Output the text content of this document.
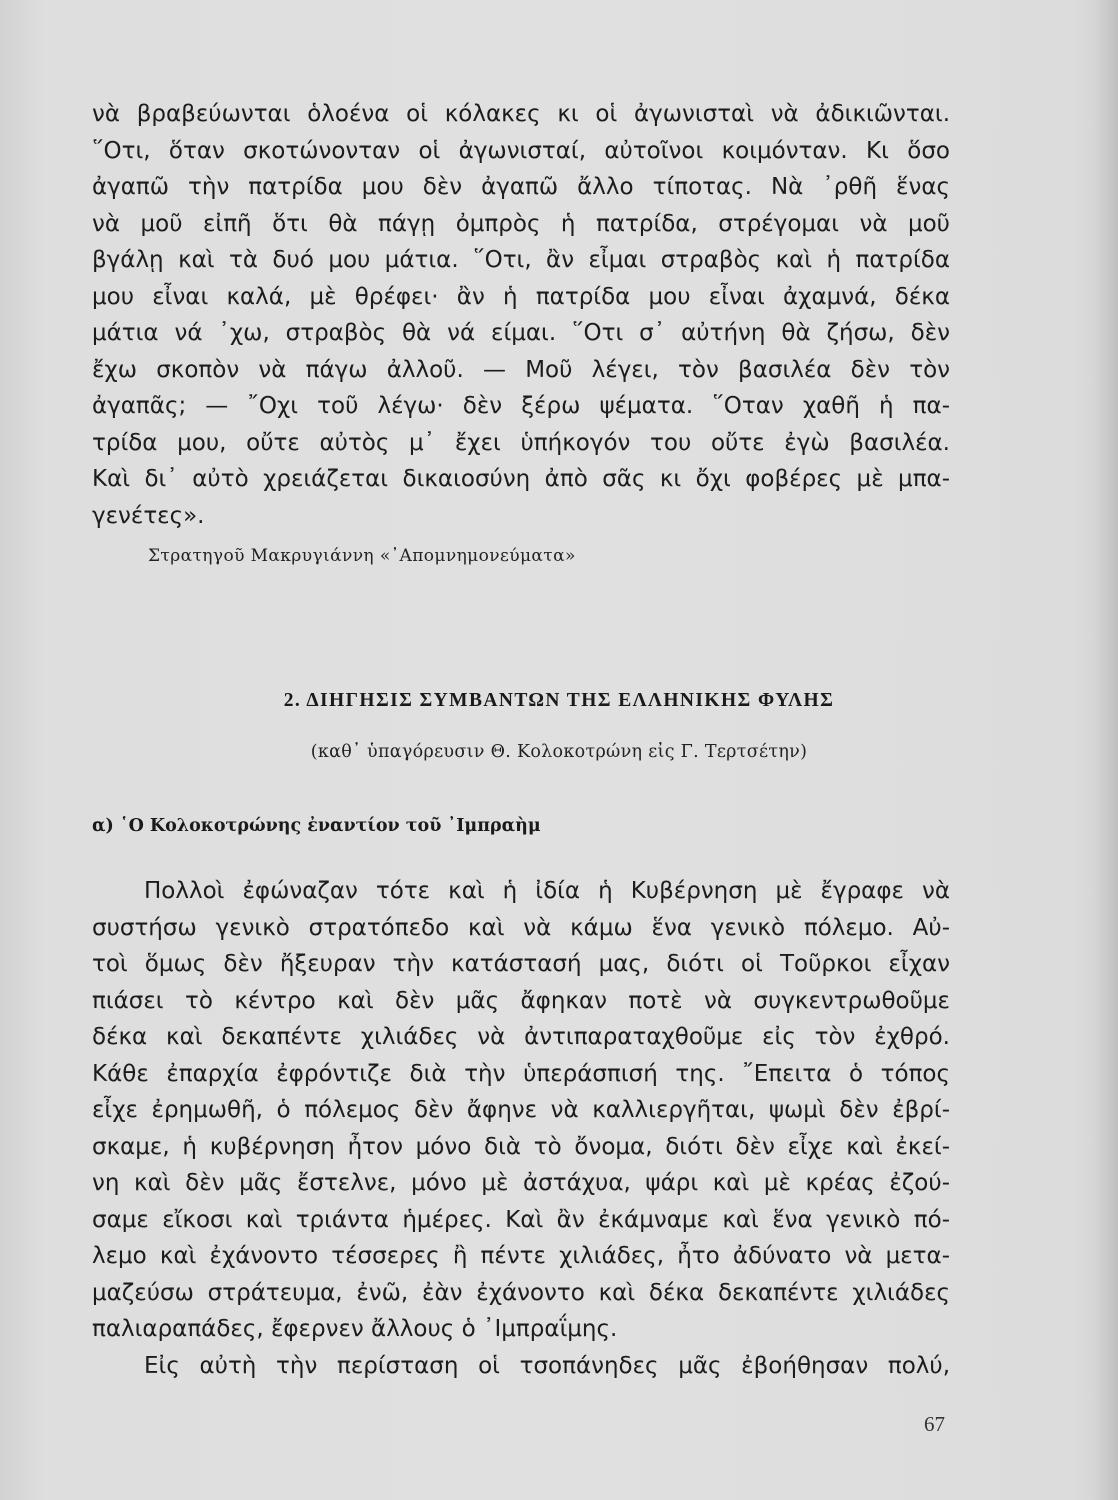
νὰ βραβεύωνται ὁλοένα οἱ κόλακες κι οἱ ἀγωνισταὶ νὰ ἀδικιῶνται.
῞Οτι, ὅταν σκοτώνονταν οἱ ἀγωνισταί, αὐτοῖνοι κοιμόνταν. Κι ὅσο
ἀγαπῶ τὴν πατρίδα μου δὲν ἀγαπῶ ἄλλο τίποτας. Νὰ ᾽ρθῆ ἕνας
νὰ μοῦ εἰπῆ ὅτι θὰ πάγῃ ὀμπρὸς ἡ πατρίδα, στρέγομαι νὰ μοῦ
βγάλῃ καὶ τὰ δυό μου μάτια. ῞Οτι, ἂν εἶμαι στραβὸς καὶ ἡ πατρίδα
μου εἶναι καλά, μὲ θρέφει· ἂν ἡ πατρίδα μου εἶναι ἀχαμνά, δέκα
μάτια νά ᾽χω, στραβὸς θὰ νά είμαι. ῞Οτι σ᾽ αὐτήνη θὰ ζήσω, δὲν
ἔχω σκοπὸν νὰ πάγω ἀλλοῦ. — Μοῦ λέγει, τὸν βασιλέα δὲν τὸν
ἀγαπᾶς; — ῎Οχι τοῦ λέγω· δὲν ξέρω ψέματα. ῞Οταν χαθῆ ἡ πα-
τρίδα μου, οὔτε αὐτὸς μ᾽ ἔχει ὑπήκογόν του οὔτε ἐγὼ βασιλέα.
Καὶ δι᾽ αὐτὸ χρειάζεται δικαιοσύνη ἀπὸ σᾶς κι ὄχι φοβέρες μὲ μπα-
γενέτες».
Στρατηγοῦ Μακρυγιάννη «᾽Απομνημονεύματα»
2. ΔΙΗΓΗΣΙΣ ΣΥΜΒΑΝΤΩΝ ΤΗΣ ΕΛΛΗΝΙΚΗΣ ΦΥΛΗΣ
(καθ᾽ ὑπαγόρευσιν Θ. Κολοκοτρώνη εἰς Γ. Τερτσέτην)
α) ῾Ο Κολοκοτρώνης ἐναντίον τοῦ ᾽Ιμπραὴμ
Πολλοὶ ἐφώναζαν τότε καὶ ἡ ἰδία ἡ Κυβέρνηση μὲ ἔγραφε νὰ
συστήσω γενικὸ στρατόπεδο καὶ νὰ κάμω ἕνα γενικὸ πόλεμο. Αὐ-
τοὶ ὅμως δὲν ἤξευραν τὴν κατάστασή μας, διότι οἱ Τοῦρκοι εἶχαν
πιάσει τὸ κέντρο καὶ δὲν μᾶς ἄφηκαν ποτὲ νὰ συγκεντρωθοῦμε
δέκα καὶ δεκαπέντε χιλιάδες νὰ ἀντιπαραταχθοῦμε εἰς τὸν ἐχθρό.
Κάθε ἐπαρχία ἐφρόντιζε διὰ τὴν ὑπεράσπισή της. ῎Επειτα ὁ τόπος
εἶχε ἐρημωθῆ, ὁ πόλεμος δὲν ἄφηνε νὰ καλλιεργῆται, ψωμὶ δὲν ἐβρί-
σκαμε, ἡ κυβέρνηση ἦτον μόνο διὰ τὸ ὄνομα, διότι δὲν εἶχε καὶ ἐκεί-
νη καὶ δὲν μᾶς ἔστελνε, μόνο μὲ ἀστάχυα, ψάρι καὶ μὲ κρέας ἐζού-
σαμε εἴκοσι καὶ τριάντα ἡμέρες. Καὶ ἂν ἐκάμναμε καὶ ἕνα γενικὸ πό-
λεμο καὶ ἐχάνοντο τέσσερες ἢ πέντε χιλιάδες, ἦτο ἀδύνατο νὰ μετα-
μαζεύσω στράτευμα, ἐνῶ, ἐὰν ἐχάνοντο καὶ δέκα δεκαπέντε χιλιάδες
παλιαραπάδες, ἔφερνεν ἄλλους ὁ ᾽Ιμπραΐμης.
Εἰς αὐτὴ τὴν περίσταση οἱ τσοπάνηδες μᾶς ἐβοήθησαν πολύ,
67
